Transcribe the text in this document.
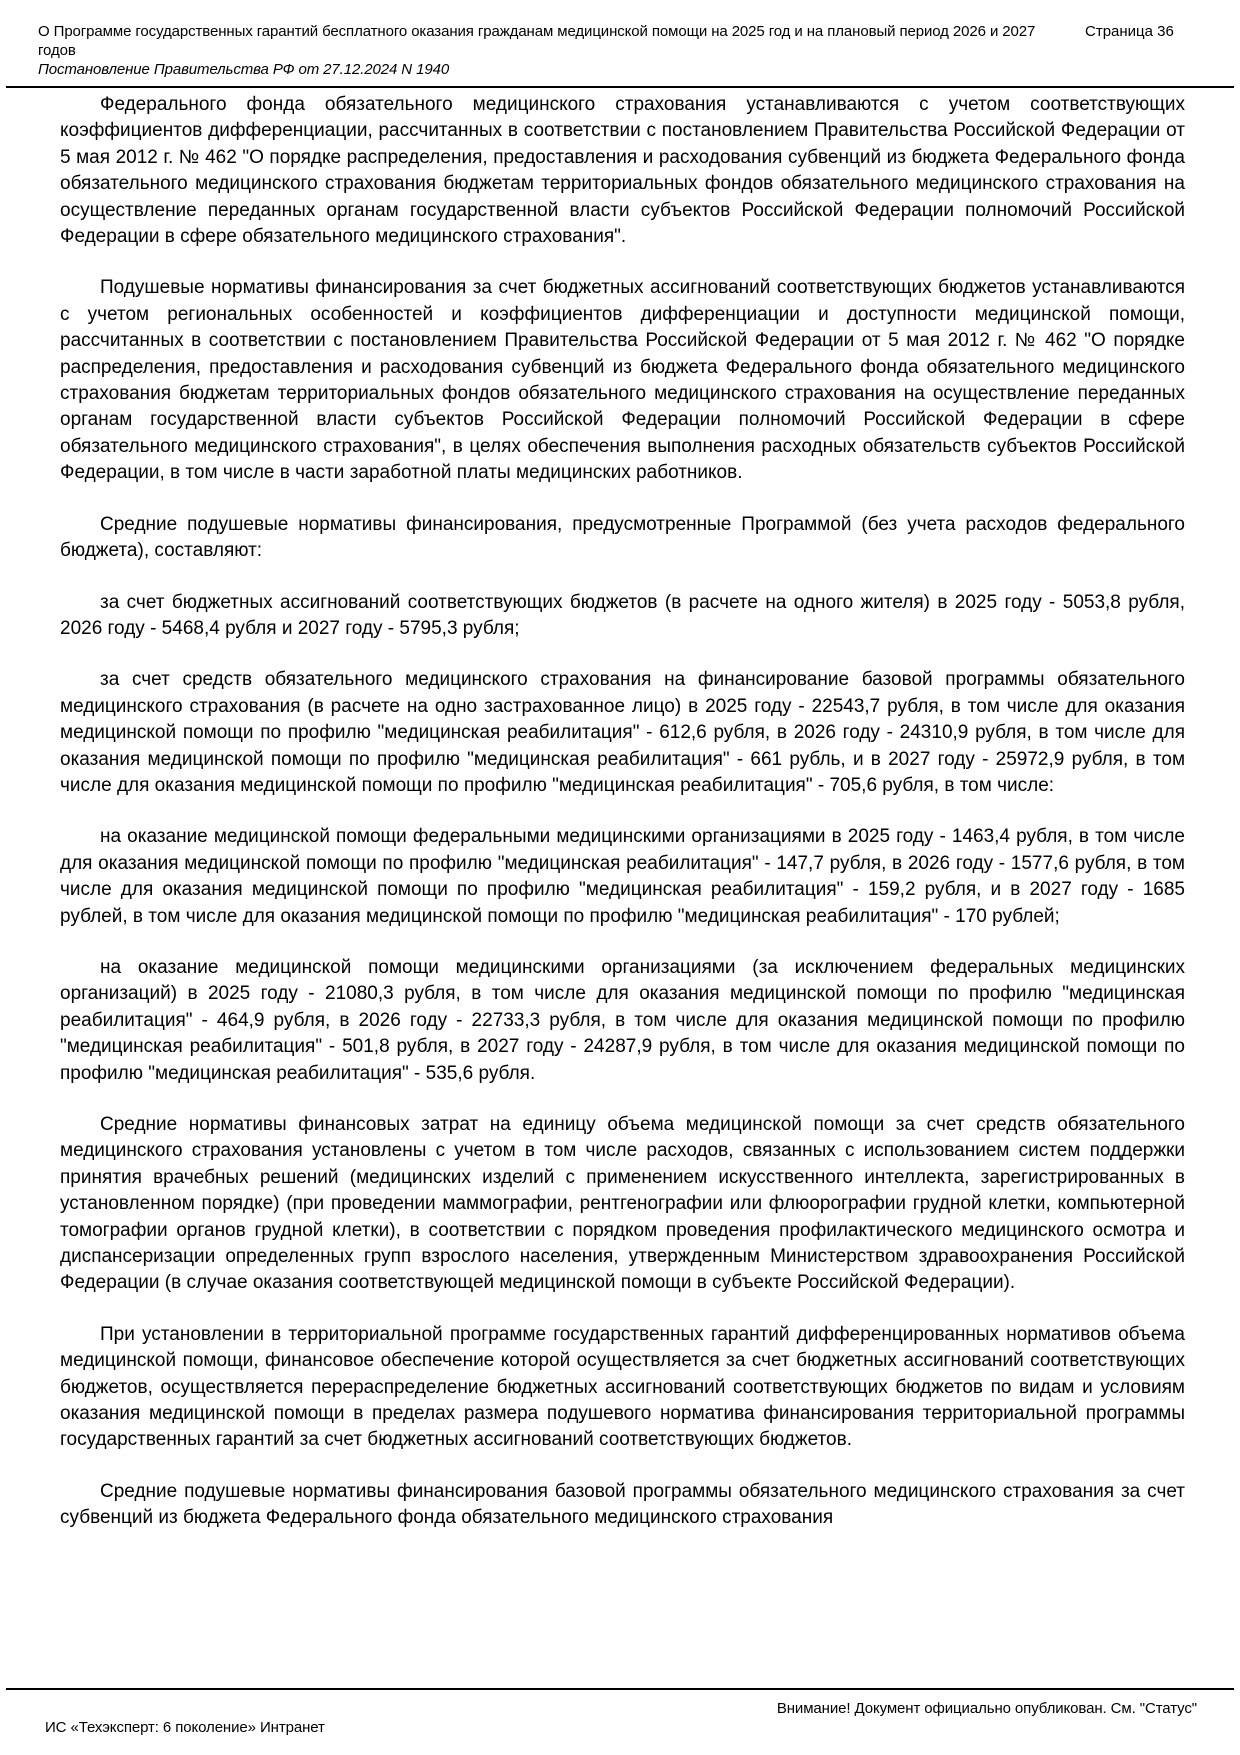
О Программе государственных гарантий бесплатного оказания гражданам медицинской помощи на 2025 год и на плановый период 2026 и 2027 годов
Постановление Правительства РФ от 27.12.2024 N 1940
Страница 36

Федерального фонда обязательного медицинского страхования устанавливаются с учетом соответствующих коэффициентов дифференциации, рассчитанных в соответствии с постановлением Правительства Российской Федерации от 5 мая 2012 г. № 462 "О порядке распределения, предоставления и расходования субвенций из бюджета Федерального фонда обязательного медицинского страхования бюджетам территориальных фондов обязательного медицинского страхования на осуществление переданных органам государственной власти субъектов Российской Федерации полномочий Российской Федерации в сфере обязательного медицинского страхования".

Подушевые нормативы финансирования за счет бюджетных ассигнований соответствующих бюджетов устанавливаются с учетом региональных особенностей и коэффициентов дифференциации и доступности медицинской помощи, рассчитанных в соответствии с постановлением Правительства Российской Федерации от 5 мая 2012 г. № 462 "О порядке распределения, предоставления и расходования субвенций из бюджета Федерального фонда обязательного медицинского страхования бюджетам территориальных фондов обязательного медицинского страхования на осуществление переданных органам государственной власти субъектов Российской Федерации полномочий Российской Федерации в сфере обязательного медицинского страхования", в целях обеспечения выполнения расходных обязательств субъектов Российской Федерации, в том числе в части заработной платы медицинских работников.

Средние подушевые нормативы финансирования, предусмотренные Программой (без учета расходов федерального бюджета), составляют:

за счет бюджетных ассигнований соответствующих бюджетов (в расчете на одного жителя) в 2025 году - 5053,8 рубля, 2026 году - 5468,4 рубля и 2027 году - 5795,3 рубля;

за счет средств обязательного медицинского страхования на финансирование базовой программы обязательного медицинского страхования (в расчете на одно застрахованное лицо) в 2025 году - 22543,7 рубля, в том числе для оказания медицинской помощи по профилю "медицинская реабилитация" - 612,6 рубля, в 2026 году - 24310,9 рубля, в том числе для оказания медицинской помощи по профилю "медицинская реабилитация" - 661 рубль, и в 2027 году - 25972,9 рубля, в том числе для оказания медицинской помощи по профилю "медицинская реабилитация" - 705,6 рубля, в том числе:

на оказание медицинской помощи федеральными медицинскими организациями в 2025 году - 1463,4 рубля, в том числе для оказания медицинской помощи по профилю "медицинская реабилитация" - 147,7 рубля, в 2026 году - 1577,6 рубля, в том числе для оказания медицинской помощи по профилю "медицинская реабилитация" - 159,2 рубля, и в 2027 году - 1685 рублей, в том числе для оказания медицинской помощи по профилю "медицинская реабилитация" - 170 рублей;

на оказание медицинской помощи медицинскими организациями (за исключением федеральных медицинских организаций) в 2025 году - 21080,3 рубля, в том числе для оказания медицинской помощи по профилю "медицинская реабилитация" - 464,9 рубля, в 2026 году - 22733,3 рубля, в том числе для оказания медицинской помощи по профилю "медицинская реабилитация" - 501,8 рубля, в 2027 году - 24287,9 рубля, в том числе для оказания медицинской помощи по профилю "медицинская реабилитация" - 535,6 рубля.

Средние нормативы финансовых затрат на единицу объема медицинской помощи за счет средств обязательного медицинского страхования установлены с учетом в том числе расходов, связанных с использованием систем поддержки принятия врачебных решений (медицинских изделий с применением искусственного интеллекта, зарегистрированных в установленном порядке) (при проведении маммографии, рентгенографии или флюорографии грудной клетки, компьютерной томографии органов грудной клетки), в соответствии с порядком проведения профилактического медицинского осмотра и диспансеризации определенных групп взрослого населения, утвержденным Министерством здравоохранения Российской Федерации (в случае оказания соответствующей медицинской помощи в субъекте Российской Федерации).

При установлении в территориальной программе государственных гарантий дифференцированных нормативов объема медицинской помощи, финансовое обеспечение которой осуществляется за счет бюджетных ассигнований соответствующих бюджетов, осуществляется перераспределение бюджетных ассигнований соответствующих бюджетов по видам и условиям оказания медицинской помощи в пределах размера подушевого норматива финансирования территориальной программы государственных гарантий за счет бюджетных ассигнований соответствующих бюджетов.

Средние подушевые нормативы финансирования базовой программы обязательного медицинского страхования за счет субвенций из бюджета Федерального фонда обязательного медицинского страхования

Внимание! Документ официально опубликован. См. "Статус"
ИС «Техэксперт: 6 поколение» Интранет
